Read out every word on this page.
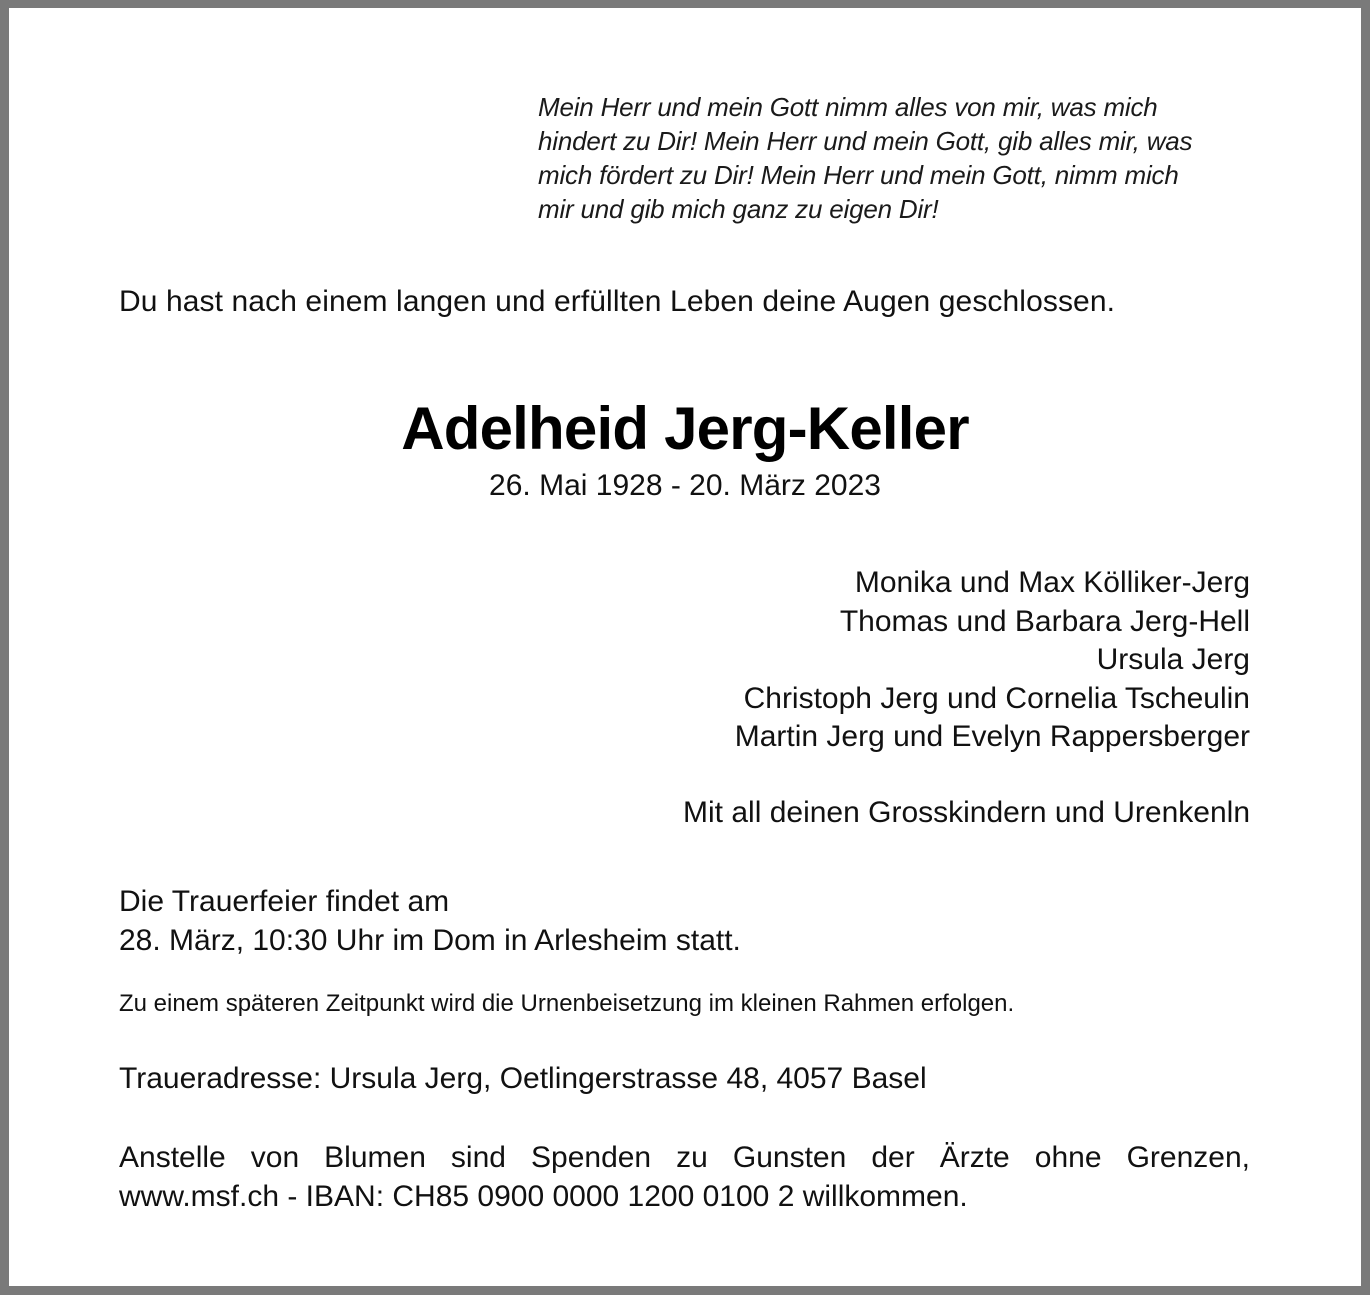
Mein Herr und mein Gott nimm alles von mir, was mich
hindert zu Dir! Mein Herr und mein Gott, gib alles mir, was
mich fördert zu Dir! Mein Herr und mein Gott, nimm mich
mir und gib mich ganz zu eigen Dir!
Du hast nach einem langen und erfüllten Leben deine Augen geschlossen.
Adelheid Jerg-Keller
26. Mai 1928 - 20. März 2023
Monika und Max Kölliker-Jerg
Thomas und Barbara Jerg-Hell
Ursula Jerg
Christoph Jerg und Cornelia Tscheulin
Martin Jerg und Evelyn Rappersberger
Mit all deinen Grosskindern und Urenkenln
Die Trauerfeier findet am
28. März, 10:30 Uhr im Dom in Arlesheim statt.
Zu einem späteren Zeitpunkt wird die Urnenbeisetzung im kleinen Rahmen erfolgen.
Traueradresse: Ursula Jerg, Oetlingerstrasse 48, 4057 Basel
Anstelle von Blumen sind Spenden zu Gunsten der Ärzte ohne Grenzen,
www.msf.ch - IBAN: CH85 0900 0000 1200 0100 2 willkommen.
